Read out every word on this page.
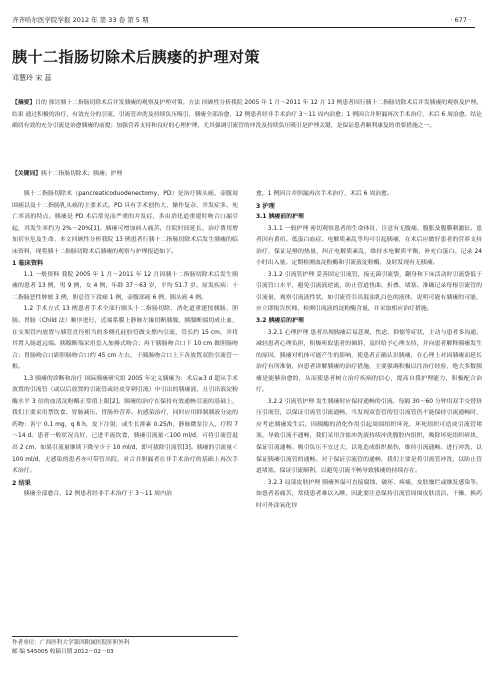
齐齐哈尔医学院学报 2012 年 第 33 卷 第 5 期	· 677 ·
胰十二指肠切除术后胰瘘的护理对策
邓慧玲 宋 蕊
【摘要】目的 探讨胰十二指肠切除术后并发胰瘘的观察及护理对策。方法 回顾性分析我院 2005 年 1 月～2011 年 12 月 13 例患者因行胰十二指肠切除术后并发胰瘘的观察及护理。结果 通过积极的治疗、有效充分的引流、引流管冲洗及持续负压吸引，胰瘘全部治愈，12 例患者经非手术治疗 3～11 周内治愈；1 例因合并胆漏再次手术治疗，术后 6 周治愈。结论 确切有效的充分引流是治愈胰瘘的前提；加强营养支持和良好的心理护理、尤其强调引流管的冲洗及持续负压吸引是护理关键，是保证患者顺利康复的重要措施之一。
【关键词】胰十二指肠切除术；胰瘘；护理

胰十二指肠切除术（pancreaticoduodenectomy，PD）是治疗胰头癌、壶腹周围癌以及十二指肠乳头癌的主要术式。PD 具有手术创伤大、操作复杂、并发症多、死亡率高的特点。胰瘘是 PD 术后常见而严重的并发症，多由消化道重建时吻合口漏引起，其发生率约为 2%～20%[1]。胰瘘可增加病人痛苦，住院时间延长，治疗费用增加甚至危及生命。本文回顾性分析我院 13 例患者行胰十二指肠切除术后发生胰瘘的临床资料，现将胰十二指肠切除术后胰瘘的观察与护理报道如下。

1 临床资料

1.1 一般资料 我院 2005 年 1 月～2011 年 12 月因胰十二指肠切除术后发生胰瘘的患者 13 例，男 9 例，女 4 例，年龄 37～63 岁，平均 51.7 岁。原发疾病：十二指肠恶性肿瘤 3 例，胆总管下段癌 1 例，壶腹部癌 6 例，胰头癌 4 例。

1.2 手术方式 13 例患者手术全部行胰头十二指肠切除，消化道重建按胰肠、胆肠、胃肠（Child 法）顺序进行，近端系膜上静脉左缘切断胰腺，胰腺断端切成止血，在支架管内放置与胰管直径相当的多侧孔硅胶管做支撑内引流，管长约 15 cm，并将其置入肠道远端。胰腺断端采用套入加褥式吻合；再于胰肠吻合口下 10 cm 做胆肠吻合；胃肠吻合口距胆肠吻合口约 45 cm 左右，于胰肠吻合口上下各放置双腔引流管一根。

1.3 胰瘘的诊断和治疗 国际胰瘘研究组 2005 年定义胰瘘为：术后≥3 d 超从手术放置的引流管（或以后放置的引流管或经皮穿刺引流）中引出的胰瘘液，且引出液淀粉酶水平 3 倍的血清淀粉酶正常值上限[2]。胰瘘的治疗在保持有效通畅引流的基础上，我们主要采用禁饮食、胃肠减压、胃肠外营养、抗感染治疗，同时应用抑制胰液分泌的药物：善宁 0.1 mg，q 8 h，皮下注射，或生长抑素 0.25/h，静脉微泵注入，疗程 7～14 d。患者一般状况良好，已进半流饮食，胰瘘引流量＜100 ml/d，可将引流管退出 2 cm，如果引流量继续下降至少于 10 ml/d，即可拔除引流管[3]。胰瘘的引流量＜100 ml/d，无感染的患者亦可带管出院。对合并胆漏者在非手术治疗的基础上再次手术治疗。

2 结果

胰瘘全部愈合，12 例患者经非手术治疗于 3～11 周内治

愈，1 例因合并胆漏再次手术治疗，术后 6 周治愈。

3 护理
3.1 胰瘘前的护理

3.1.1 一般护理 密切观察患者的生命体征，注意有无腹痛、腹胀及腹膜刺激征。患者因有黄疸、低蛋白血症、电解质紊乱等均可引起胰瘘，在术后应做好患者的营养支持治疗，保证足够的热量，纠正电解质紊乱，维持水电解质平衡，补充白蛋白。记录 24 小时出入量。定期检测血淀粉酶和引流液淀粉酶，及时发现有无胰瘘。

3.1.2 引流管护理 妥善固定引流管，接无菌引流袋，翻身和下床活动时引流袋低于引流管口水平，避免引流液逆流，防止管道扭曲、折叠、堵塞。准确记录每根引流管的引流量，观察引流液性状，如引流管引出混浊乳白色的液体，说明可能有胰瘘的可能，应立即报告医师，检测引流液的淀粉酶含量，并采取相应治疗措施。

3.2 胰瘘后的护理

3.2.1 心理护理 患者出现胰瘘后易悲观、焦虑、抑郁等症状，主动与患者多沟通，减轻患者心理负担，积极听取患者的倾诉，及时给予心理支持，并向患者解释胰瘘发生的原因，胰瘘对机体可能产生的影响，使患者正确认识胰瘘，在心理上对因胰瘘而延长治疗有所准备，向患者讲解胰瘘的治疗措施，主要强调积极以往治疗经验，绝大多数胰瘘是能够治愈的，从而使患者树立治疗疾病的信心，提高自我护理能力，积极配合治疗。

3.2.2 引流管护理 发生胰瘘时应保持通畅的引流。每隔 30～60 分钟用双手交替挤压引流管，以保证引流管引流通畅，当发现双套管的管引流管仍不能保持引流通畅时，应考虑胰瘘发生后，因胰酶的消化作用引起周围组织坏死，坏死组织可造成引流管堵塞，导致引流不通畅，我们采用含盐冲洗液持续冲洗腹腔内组织，吸除坏死组织碎块，保证引流通畅。吸引负压不宜过大，以免造成组织损伤，维持引流通畅。进行冲洗，以保证胰瘘引流管的通畅。对于保证引流管的通畅，我们主要是将引流管冲洗，以防止管道堵塞，保证引流顺利，以避免引流不畅导致胰瘘的持续存在。

3.2.3 局部皮肤护理 胰瘘外溢可直接腐蚀、破坏、疼痛，皮肤糜烂或继发感染等。如患者着痛苦，常使患者难以入睡，因此要注意保持引流管周围皮肤清洁、干燥，换药时可外涂氧化锌

作者单位：广西医科大学第四附属医院肝胆外科
邮 编 545005 收稿日期 2012－02－03
